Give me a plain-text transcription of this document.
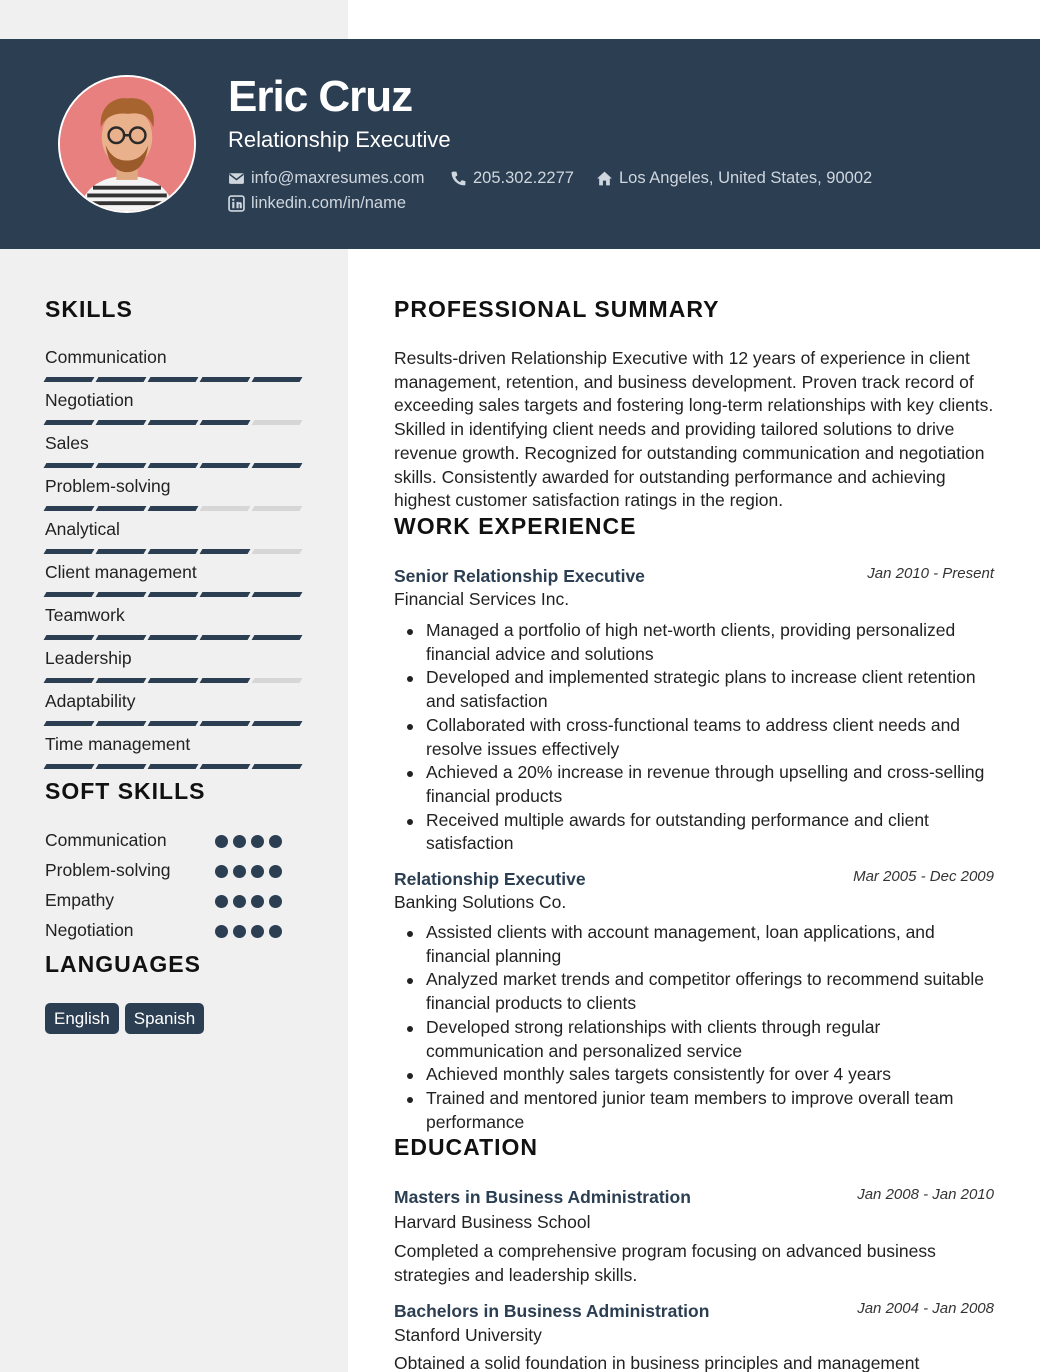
Eric Cruz
Relationship Executive
info@maxresumes.com	205.302.2277	Los Angeles, United States, 90002
linkedin.com/in/name
SKILLS
Communication
Negotiation
Sales
Problem-solving
Analytical
Client management
Teamwork
Leadership
Adaptability
Time management
SOFT SKILLS
Communication
Problem-solving
Empathy
Negotiation
LANGUAGES
English	Spanish
PROFESSIONAL SUMMARY
Results-driven Relationship Executive with 12 years of experience in client management, retention, and business development. Proven track record of exceeding sales targets and fostering long-term relationships with key clients. Skilled in identifying client needs and providing tailored solutions to drive revenue growth. Recognized for outstanding communication and negotiation skills. Consistently awarded for outstanding performance and achieving highest customer satisfaction ratings in the region.
WORK EXPERIENCE
Senior Relationship Executive	Jan 2010 - Present
Financial Services Inc.
Managed a portfolio of high net-worth clients, providing personalized financial advice and solutions
Developed and implemented strategic plans to increase client retention and satisfaction
Collaborated with cross-functional teams to address client needs and resolve issues effectively
Achieved a 20% increase in revenue through upselling and cross-selling financial products
Received multiple awards for outstanding performance and client satisfaction
Relationship Executive	Mar 2005 - Dec 2009
Banking Solutions Co.
Assisted clients with account management, loan applications, and financial planning
Analyzed market trends and competitor offerings to recommend suitable financial products to clients
Developed strong relationships with clients through regular communication and personalized service
Achieved monthly sales targets consistently for over 4 years
Trained and mentored junior team members to improve overall team performance
EDUCATION
Masters in Business Administration	Jan 2008 - Jan 2010
Harvard Business School
Completed a comprehensive program focusing on advanced business strategies and leadership skills.
Bachelors in Business Administration	Jan 2004 - Jan 2008
Stanford University
Obtained a solid foundation in business principles and management
